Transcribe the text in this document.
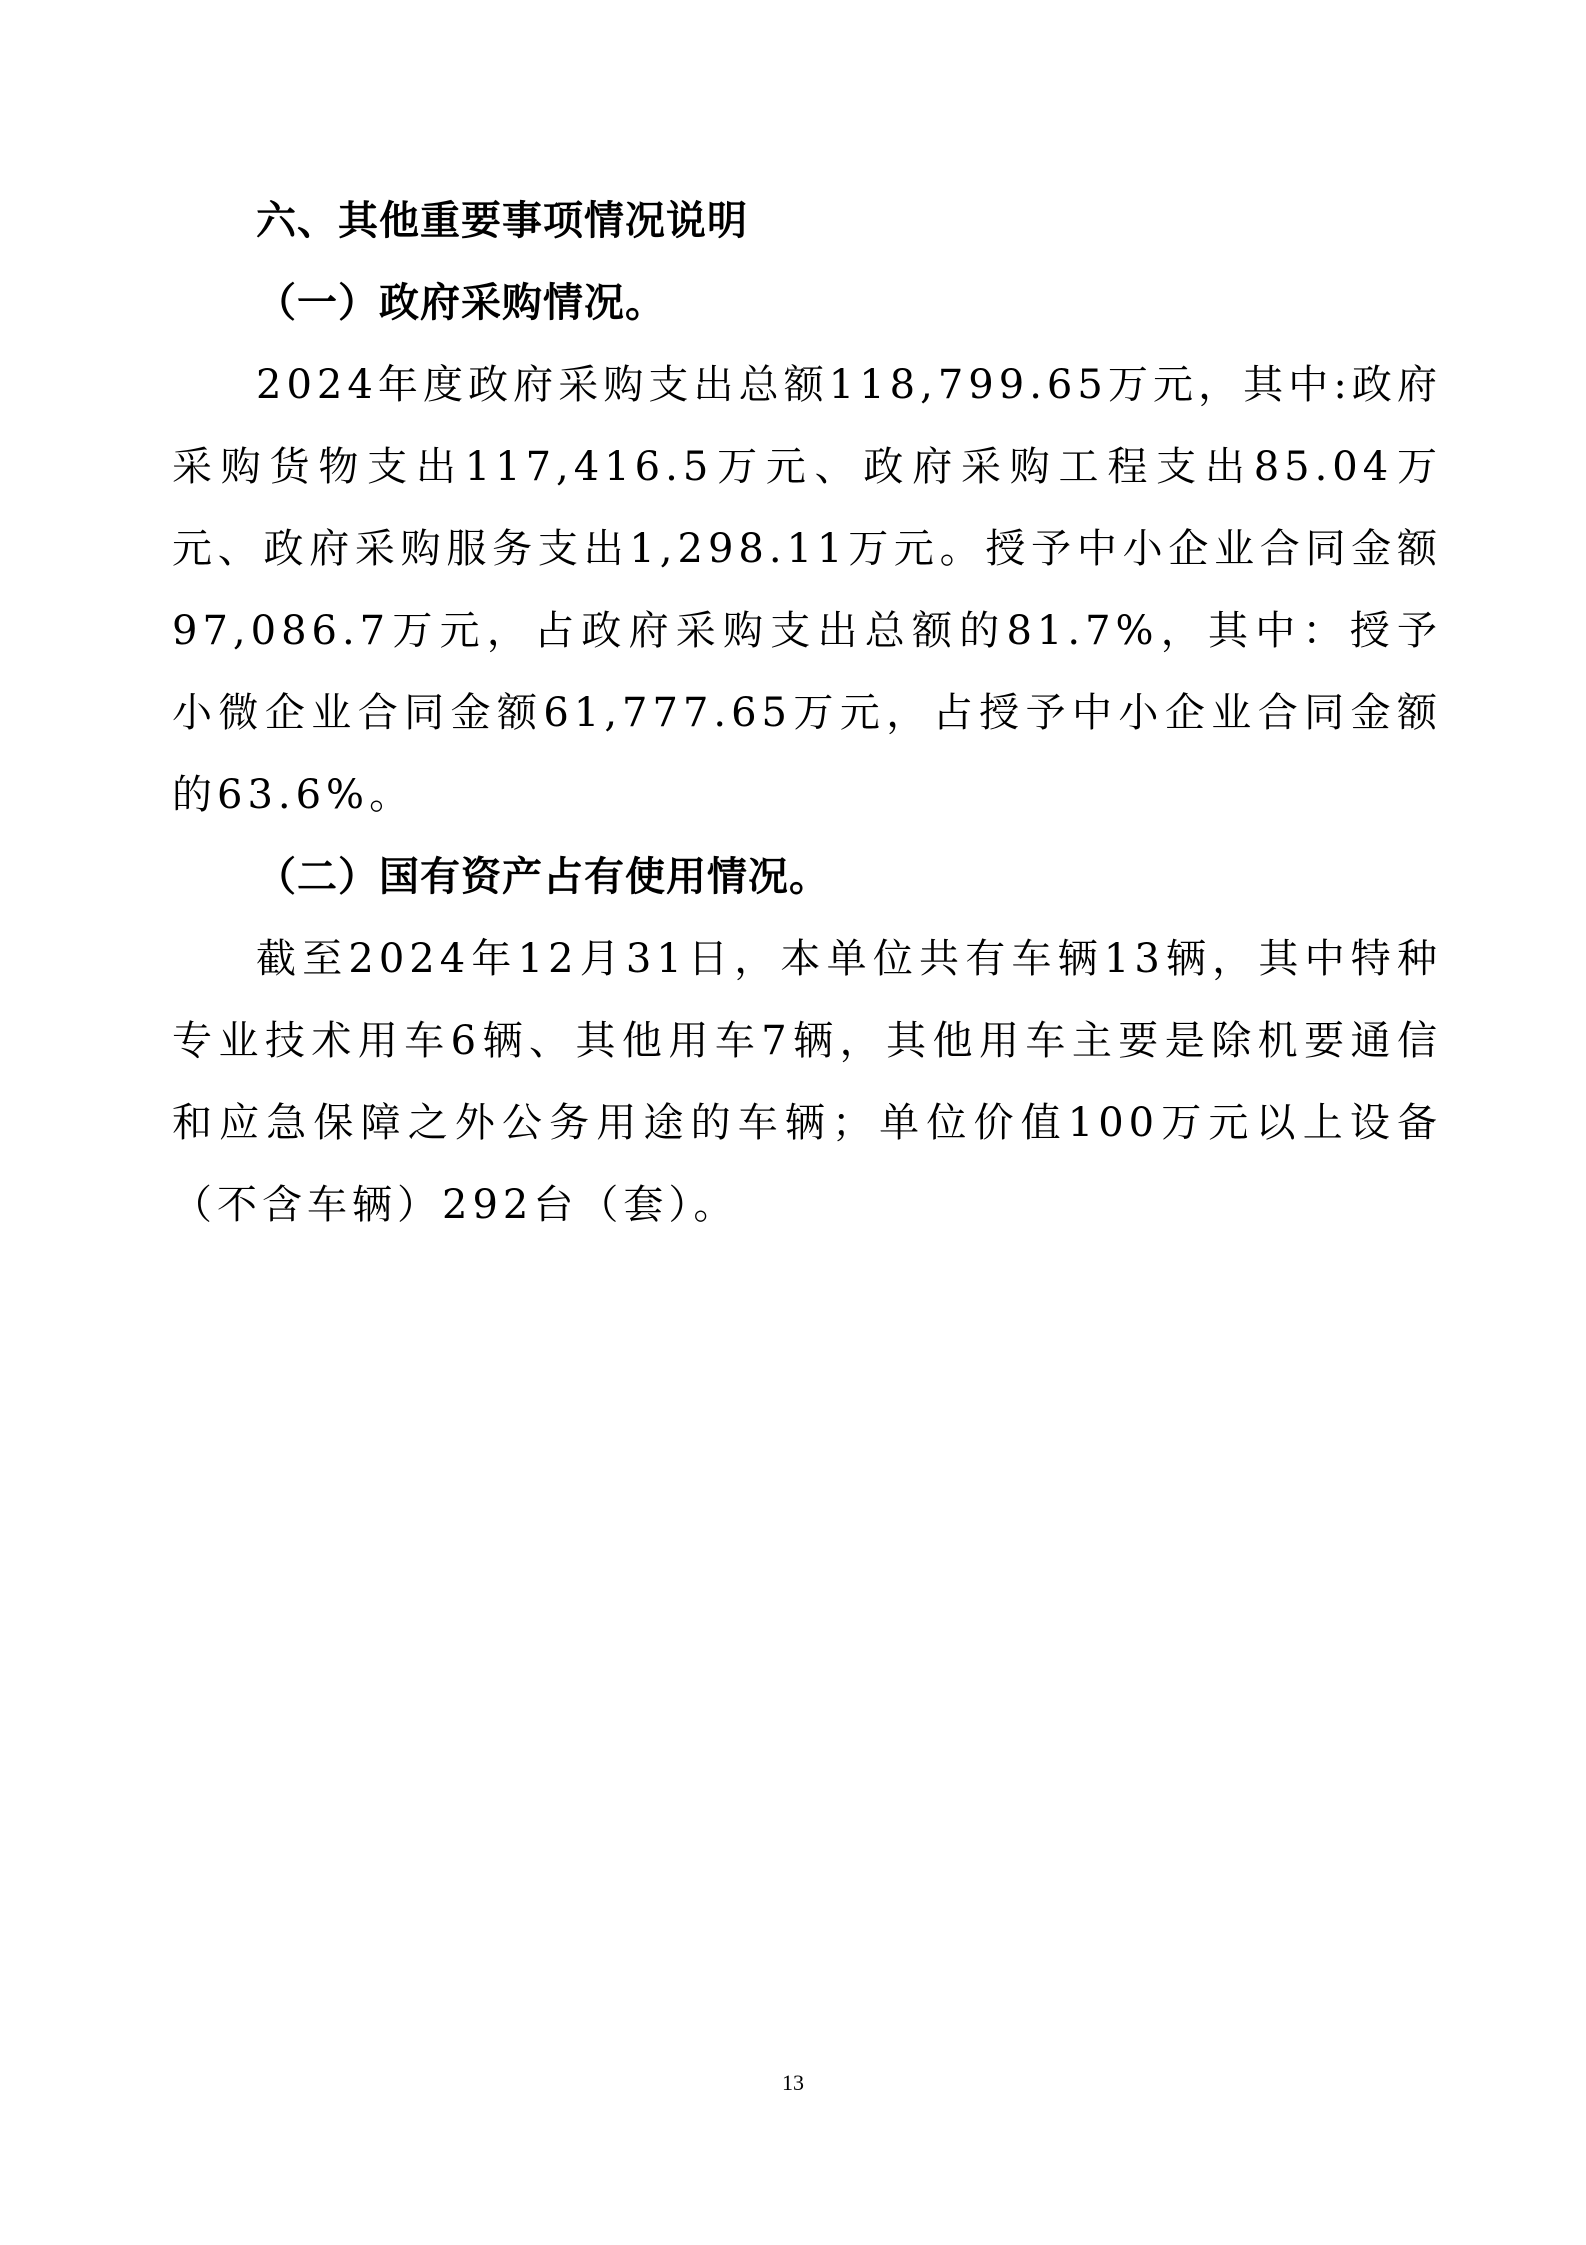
六、其他重要事项情况说明
（一）政府采购情况。

2024年度政府采购支出总额118,799.65万元，其中:政府采购货物支出117,416.5万元、政府采购工程支出85.04万元、政府采购服务支出1,298.11万元。授予中小企业合同金额97,086.7万元，占政府采购支出总额的81.7%，其中：授予小微企业合同金额61,777.65万元，占授予中小企业合同金额的63.6%。

（二）国有资产占有使用情况。

截至2024年12月31日，本单位共有车辆13辆，其中特种专业技术用车6辆、其他用车7辆，其他用车主要是除机要通信和应急保障之外公务用途的车辆；单位价值100万元以上设备（不含车辆）292台（套）。

13
